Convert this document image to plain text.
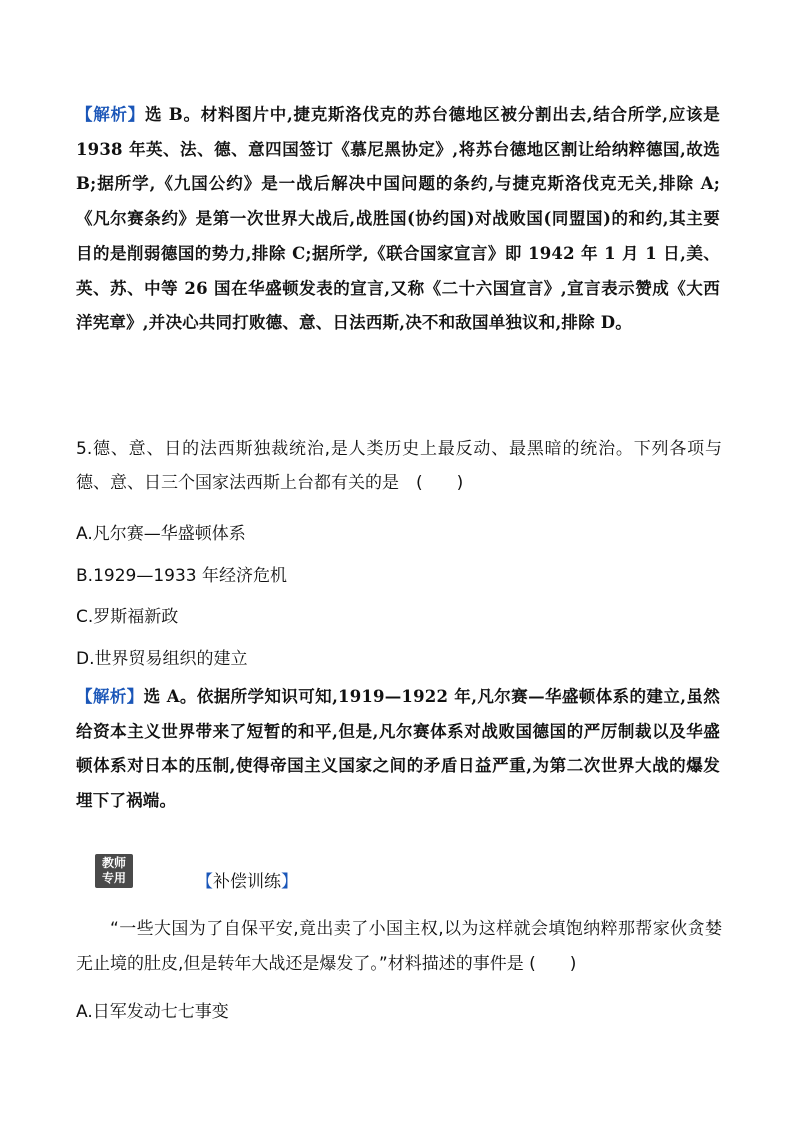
【解析】选 B。材料图片中,捷克斯洛伐克的苏台德地区被分割出去,结合所学,应该是 1938 年英、法、德、意四国签订《慕尼黑协定》,将苏台德地区割让给纳粹德国,故选 B;据所学,《九国公约》是一战后解决中国问题的条约,与捷克斯洛伐克无关,排除 A;《凡尔赛条约》是第一次世界大战后,战胜国(协约国)对战败国(同盟国)的和约,其主要目的是削弱德国的势力,排除 C;据所学,《联合国家宣言》即 1942 年 1 月 1 日,美、英、苏、中等 26 国在华盛顿发表的宣言,又称《二十六国宣言》,宣言表示赞成《大西洋宪章》,并决心共同打败德、意、日法西斯,决不和敌国单独议和,排除 D。
5.德、意、日的法西斯独裁统治,是人类历史上最反动、最黑暗的统治。下列各项与德、意、日三个国家法西斯上台都有关的是　(　　)
A.凡尔赛—华盛顿体系
B.1929—1933 年经济危机
C.罗斯福新政
D.世界贸易组织的建立
【解析】选 A。依据所学知识可知,1919—1922 年,凡尔赛—华盛顿体系的建立,虽然给资本主义世界带来了短暂的和平,但是,凡尔赛体系对战败国德国的严厉制裁以及华盛顿体系对日本的压制,使得帝国主义国家之间的矛盾日益严重,为第二次世界大战的爆发埋下了祸端。
教师
专用	【补偿训练】
“一些大国为了自保平安,竟出卖了小国主权,以为这样就会填饱纳粹那帮家伙贪婪无止境的肚皮,但是转年大战还是爆发了。”材料描述的事件是 (　　)
A.日军发动七七事变
